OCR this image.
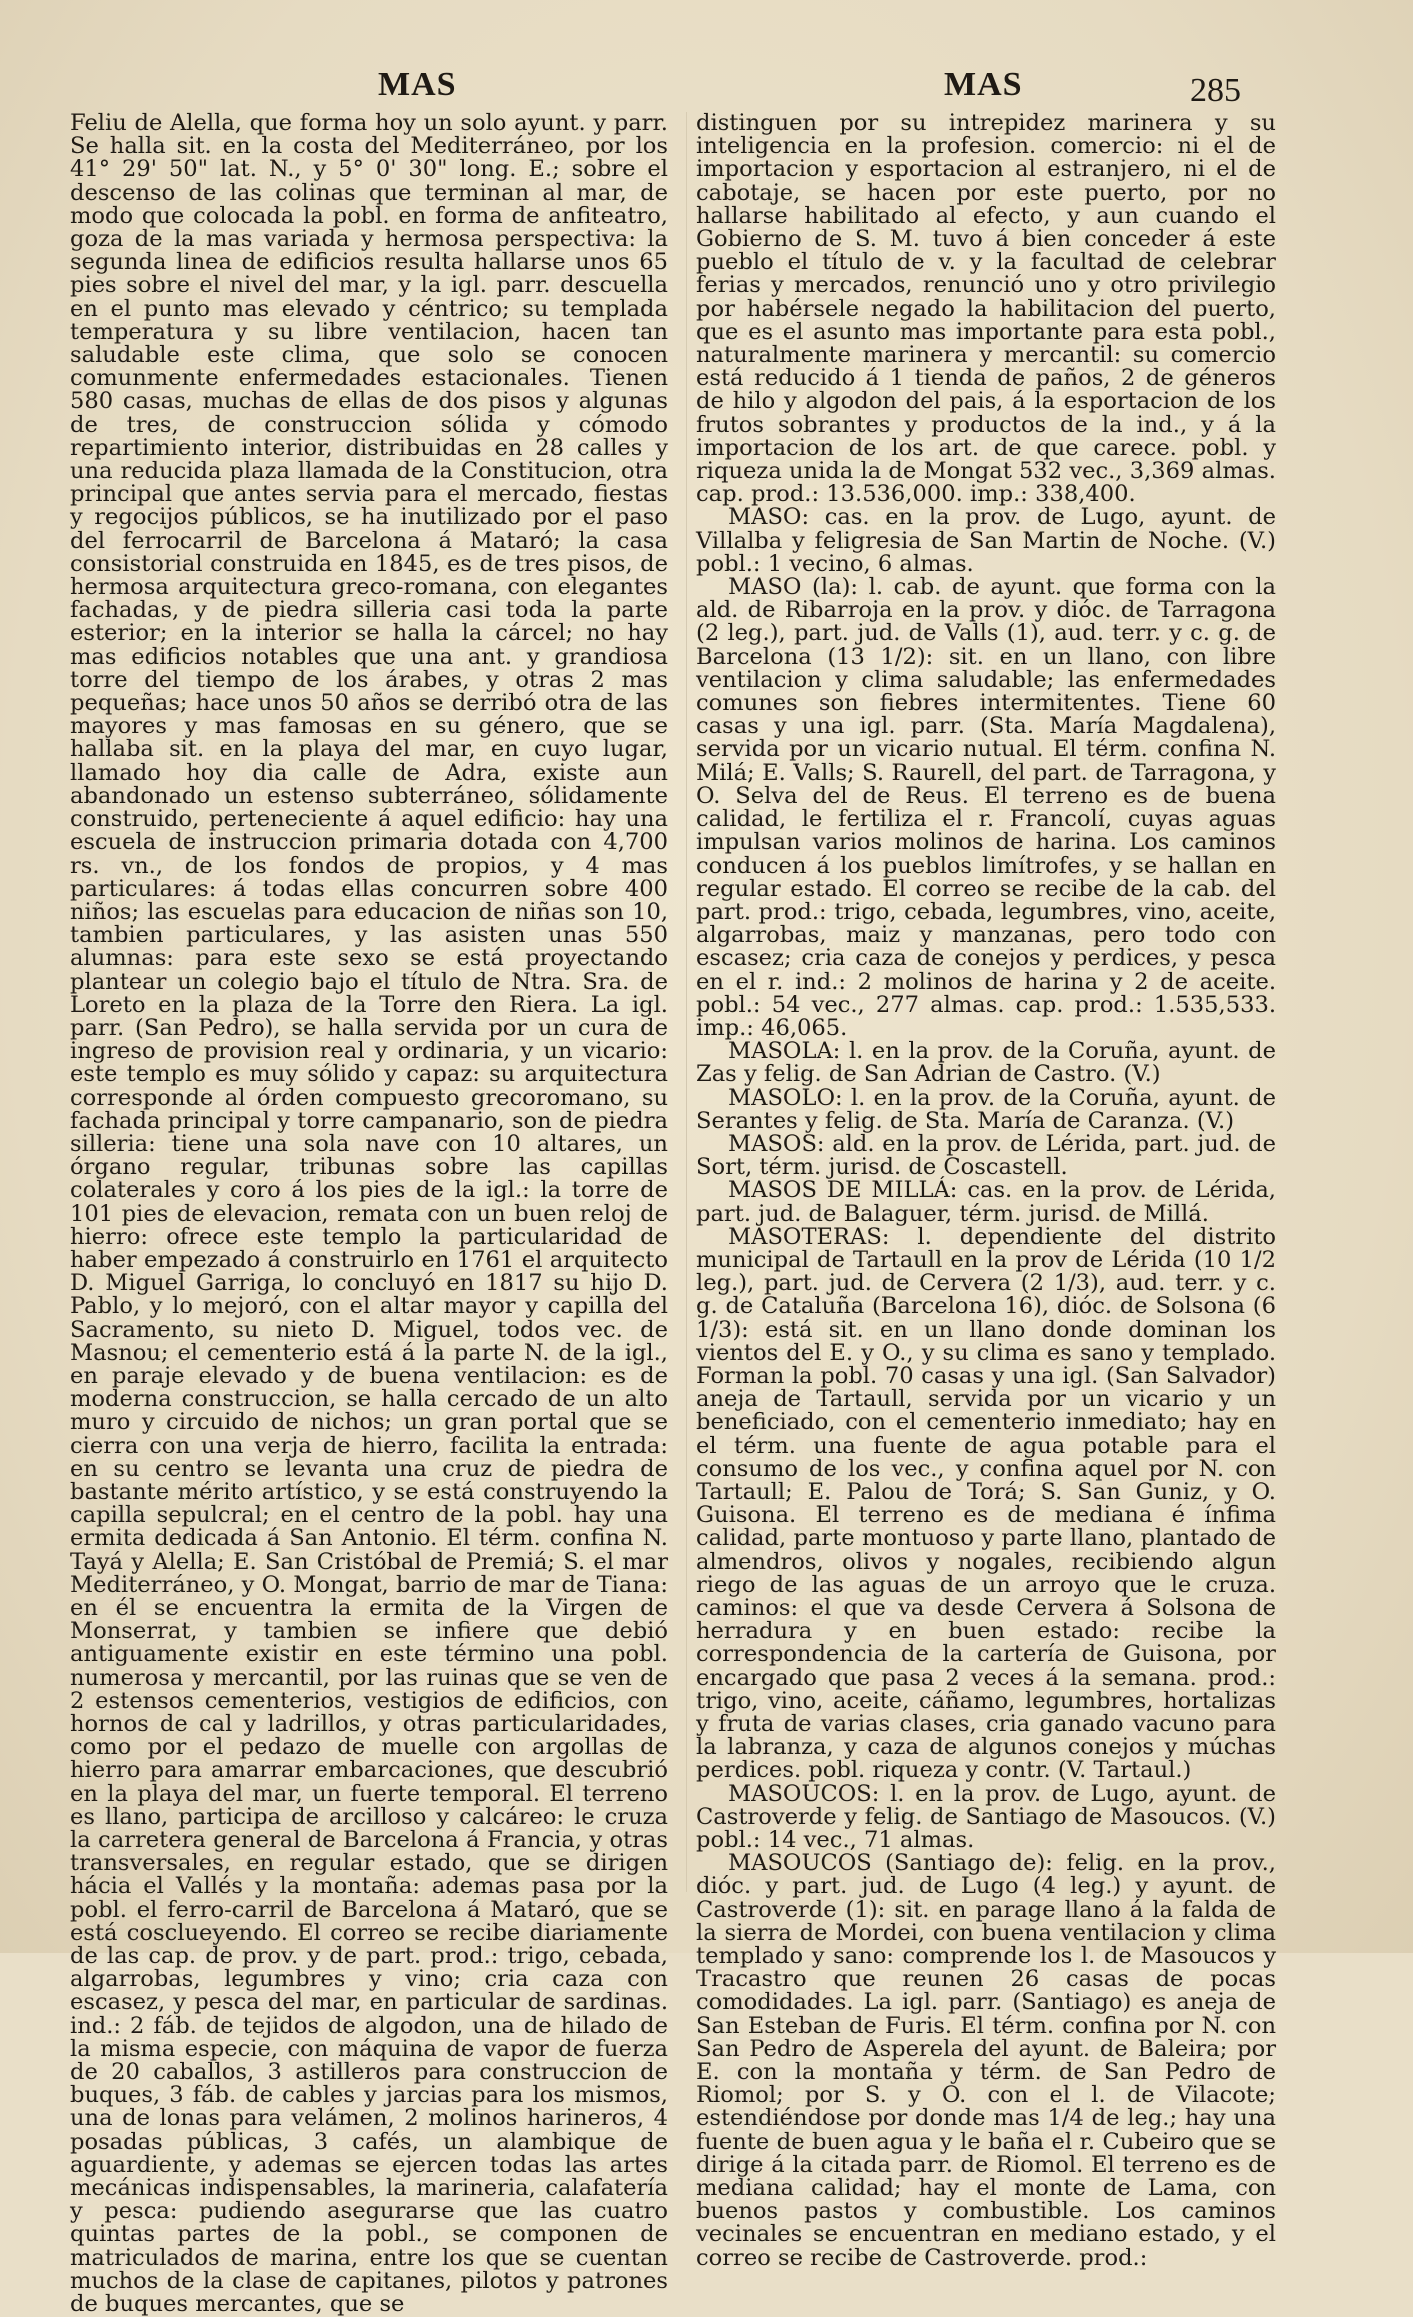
MAS	MAS	285

Feliu de Alella, que forma hoy un solo ayunt. y parr. Se halla sit. en la costa del Mediterráneo, por los 41° 29' 50" lat. N., y 5° 0' 30" long. E.; sobre el descenso de las colinas que terminan al mar, de modo que colocada la pobl. en forma de anfiteatro, goza de la mas variada y hermosa perspectiva: la segunda linea de edificios resulta hallarse unos 65 pies sobre el nivel del mar, y la igl. parr. descuella en el punto mas elevado y céntrico; su templada temperatura y su libre ventilacion, hacen tan saludable este clima, que solo se conocen comunmente enfermedades estacionales. Tienen 580 casas, muchas de ellas de dos pisos y algunas de tres, de construccion sólida y cómodo repartimiento interior, distribuidas en 28 calles y una reducida plaza llamada de la Constitucion, otra principal que antes servia para el mercado, fiestas y regocijos públicos, se ha inutilizado por el paso del ferrocarril de Barcelona á Mataró; la casa consistorial construida en 1845, es de tres pisos, de hermosa arquitectura greco-romana, con elegantes fachadas, y de piedra silleria casi toda la parte esterior; en la interior se halla la cárcel; no hay mas edificios notables que una ant. y grandiosa torre del tiempo de los árabes, y otras 2 mas pequeñas; hace unos 50 años se derribó otra de las mayores y mas famosas en su género, que se hallaba sit. en la playa del mar, en cuyo lugar, llamado hoy dia calle de Adra, existe aun abandonado un estenso subterráneo, sólidamente construido, perteneciente á aquel edificio: hay una escuela de instruccion primaria dotada con 4,700 rs. vn., de los fondos de propios, y 4 mas particulares: á todas ellas concurren sobre 400 niños; las escuelas para educacion de niñas son 10, tambien particulares, y las asisten unas 550 alumnas: para este sexo se está proyectando plantear un colegio bajo el título de Ntra. Sra. de Loreto en la plaza de la Torre den Riera. La igl. parr. (San Pedro), se halla servida por un cura de ingreso de provision real y ordinaria, y un vicario: este templo es muy sólido y capaz: su arquitectura corresponde al órden compuesto grecoromano, su fachada principal y torre campanario, son de piedra silleria: tiene una sola nave con 10 altares, un órgano regular, tribunas sobre las capillas colaterales y coro á los pies de la igl.: la torre de 101 pies de elevacion, remata con un buen reloj de hierro: ofrece este templo la particularidad de haber empezado á construirlo en 1761 el arquitecto D. Miguel Garriga, lo concluyó en 1817 su hijo D. Pablo, y lo mejoró, con el altar mayor y capilla del Sacramento, su nieto D. Miguel, todos vec. de Masnou; el cementerio está á la parte N. de la igl., en paraje elevado y de buena ventilacion: es de moderna construccion, se halla cercado de un alto muro y circuido de nichos; un gran portal que se cierra con una verja de hierro, facilita la entrada: en su centro se levanta una cruz de piedra de bastante mérito artístico, y se está construyendo la capilla sepulcral; en el centro de la pobl. hay una ermita dedicada á San Antonio. El térm. confina N. Tayá y Alella; E. San Cristóbal de Premiá; S. el mar Mediterráneo, y O. Mongat, barrio de mar de Tiana: en él se encuentra la ermita de la Virgen de Monserrat, y tambien se infiere que debió antiguamente existir en este término una pobl. numerosa y mercantil, por las ruinas que se ven de 2 estensos cementerios, vestigios de edificios, con hornos de cal y ladrillos, y otras particularidades, como por el pedazo de muelle con argollas de hierro para amarrar embarcaciones, que descubrió en la playa del mar, un fuerte temporal. El terreno es llano, participa de arcilloso y calcáreo: le cruza la carretera general de Barcelona á Francia, y otras transversales, en regular estado, que se dirigen hácia el Vallés y la montaña: ademas pasa por la pobl. el ferro-carril de Barcelona á Mataró, que se está cosclueyendo. El correo se recibe diariamente de las cap. de prov. y de part. prod.: trigo, cebada, algarrobas, legumbres y vino; cria caza con escasez, y pesca del mar, en particular de sardinas. ind.: 2 fáb. de tejidos de algodon, una de hilado de la misma especie, con máquina de vapor de fuerza de 20 caballos, 3 astilleros para construccion de buques, 3 fáb. de cables y jarcias para los mismos, una de lonas para velámen, 2 molinos harineros, 4 posadas públicas, 3 cafés, un alambique de aguardiente, y ademas se ejercen todas las artes mecánicas indispensables, la marineria, calafatería y pesca: pudiendo asegurarse que las cuatro quintas partes de la pobl., se componen de matriculados de marina, entre los que se cuentan muchos de la clase de capitanes, pilotos y patrones de buques mercantes, que se

distinguen por su intrepidez marinera y su inteligencia en la profesion. comercio: ni el de importacion y esportacion al estranjero, ni el de cabotaje, se hacen por este puerto, por no hallarse habilitado al efecto, y aun cuando el Gobierno de S. M. tuvo á bien conceder á este pueblo el título de v. y la facultad de celebrar ferias y mercados, renunció uno y otro privilegio por habérsele negado la habilitacion del puerto, que es el asunto mas importante para esta pobl., naturalmente marinera y mercantil: su comercio está reducido á 1 tienda de paños, 2 de géneros de hilo y algodon del pais, á la esportacion de los frutos sobrantes y productos de la ind., y á la importacion de los art. de que carece. pobl. y riqueza unida la de Mongat 532 vec., 3,369 almas. cap. prod.: 13.536,000. imp.: 338,400.

MASO: cas. en la prov. de Lugo, ayunt. de Villalba y feligresia de San Martin de Noche. (V.) pobl.: 1 vecino, 6 almas.

MASO (la): l. cab. de ayunt. que forma con la ald. de Ribarroja en la prov. y dióc. de Tarragona (2 leg.), part. jud. de Valls (1), aud. terr. y c. g. de Barcelona (13 1/2): sit. en un llano, con libre ventilacion y clima saludable; las enfermedades comunes son fiebres intermitentes. Tiene 60 casas y una igl. parr. (Sta. María Magdalena), servida por un vicario nutual. El térm. confina N. Milá; E. Valls; S. Raurell, del part. de Tarragona, y O. Selva del de Reus. El terreno es de buena calidad, le fertiliza el r. Francolí, cuyas aguas impulsan varios molinos de harina. Los caminos conducen á los pueblos limítrofes, y se hallan en regular estado. El correo se recibe de la cab. del part. prod.: trigo, cebada, legumbres, vino, aceite, algarrobas, maiz y manzanas, pero todo con escasez; cria caza de conejos y perdices, y pesca en el r. ind.: 2 molinos de harina y 2 de aceite. pobl.: 54 vec., 277 almas. cap. prod.: 1.535,533. imp.: 46,065.

MASOLA: l. en la prov. de la Coruña, ayunt. de Zas y felig. de San Adrian de Castro. (V.)

MASOLO: l. en la prov. de la Coruña, ayunt. de Serantes y felig. de Sta. María de Caranza. (V.)

MASOS: ald. en la prov. de Lérida, part. jud. de Sort, térm. jurisd. de Coscastell.

MASOS DE MILLÁ: cas. en la prov. de Lérida, part. jud. de Balaguer, térm. jurisd. de Millá.

MASOTERAS: l. dependiente del distrito municipal de Tartaull en la prov de Lérida (10 1/2 leg.), part. jud. de Cervera (2 1/3), aud. terr. y c. g. de Cataluña (Barcelona 16), dióc. de Solsona (6 1/3): está sit. en un llano donde dominan los vientos del E. y O., y su clima es sano y templado. Forman la pobl. 70 casas y una igl. (San Salvador) aneja de Tartaull, servida por un vicario y un beneficiado, con el cementerio inmediato; hay en el térm. una fuente de agua potable para el consumo de los vec., y confina aquel por N. con Tartaull; E. Palou de Torá; S. San Guniz, y O. Guisona. El terreno es de mediana é ínfima calidad, parte montuoso y parte llano, plantado de almendros, olivos y nogales, recibiendo algun riego de las aguas de un arroyo que le cruza. caminos: el que va desde Cervera á Solsona de herradura y en buen estado: recibe la correspondencia de la cartería de Guisona, por encargado que pasa 2 veces á la semana. prod.: trigo, vino, aceite, cáñamo, legumbres, hortalizas y fruta de varias clases, cria ganado vacuno para la labranza, y caza de algunos conejos y múchas perdices. pobl. riqueza y contr. (V. Tartaul.)

MASOUCOS: l. en la prov. de Lugo, ayunt. de Castroverde y felig. de Santiago de Masoucos. (V.) pobl.: 14 vec., 71 almas.

MASOUCOS (Santiago de): felig. en la prov., dióc. y part. jud. de Lugo (4 leg.) y ayunt. de Castroverde (1): sit. en parage llano á la falda de la sierra de Mordei, con buena ventilacion y clima templado y sano: comprende los l. de Masoucos y Tracastro que reunen 26 casas de pocas comodidades. La igl. parr. (Santiago) es aneja de San Esteban de Furis. El térm. confina por N. con San Pedro de Asperela del ayunt. de Baleira; por E. con la montaña y térm. de San Pedro de Riomol; por S. y O. con el l. de Vilacote; estendiéndose por donde mas 1/4 de leg.; hay una fuente de buen agua y le baña el r. Cubeiro que se dirige á la citada parr. de Riomol. El terreno es de mediana calidad; hay el monte de Lama, con buenos pastos y combustible. Los caminos vecinales se encuentran en mediano estado, y el correo se recibe de Castroverde. prod.:
